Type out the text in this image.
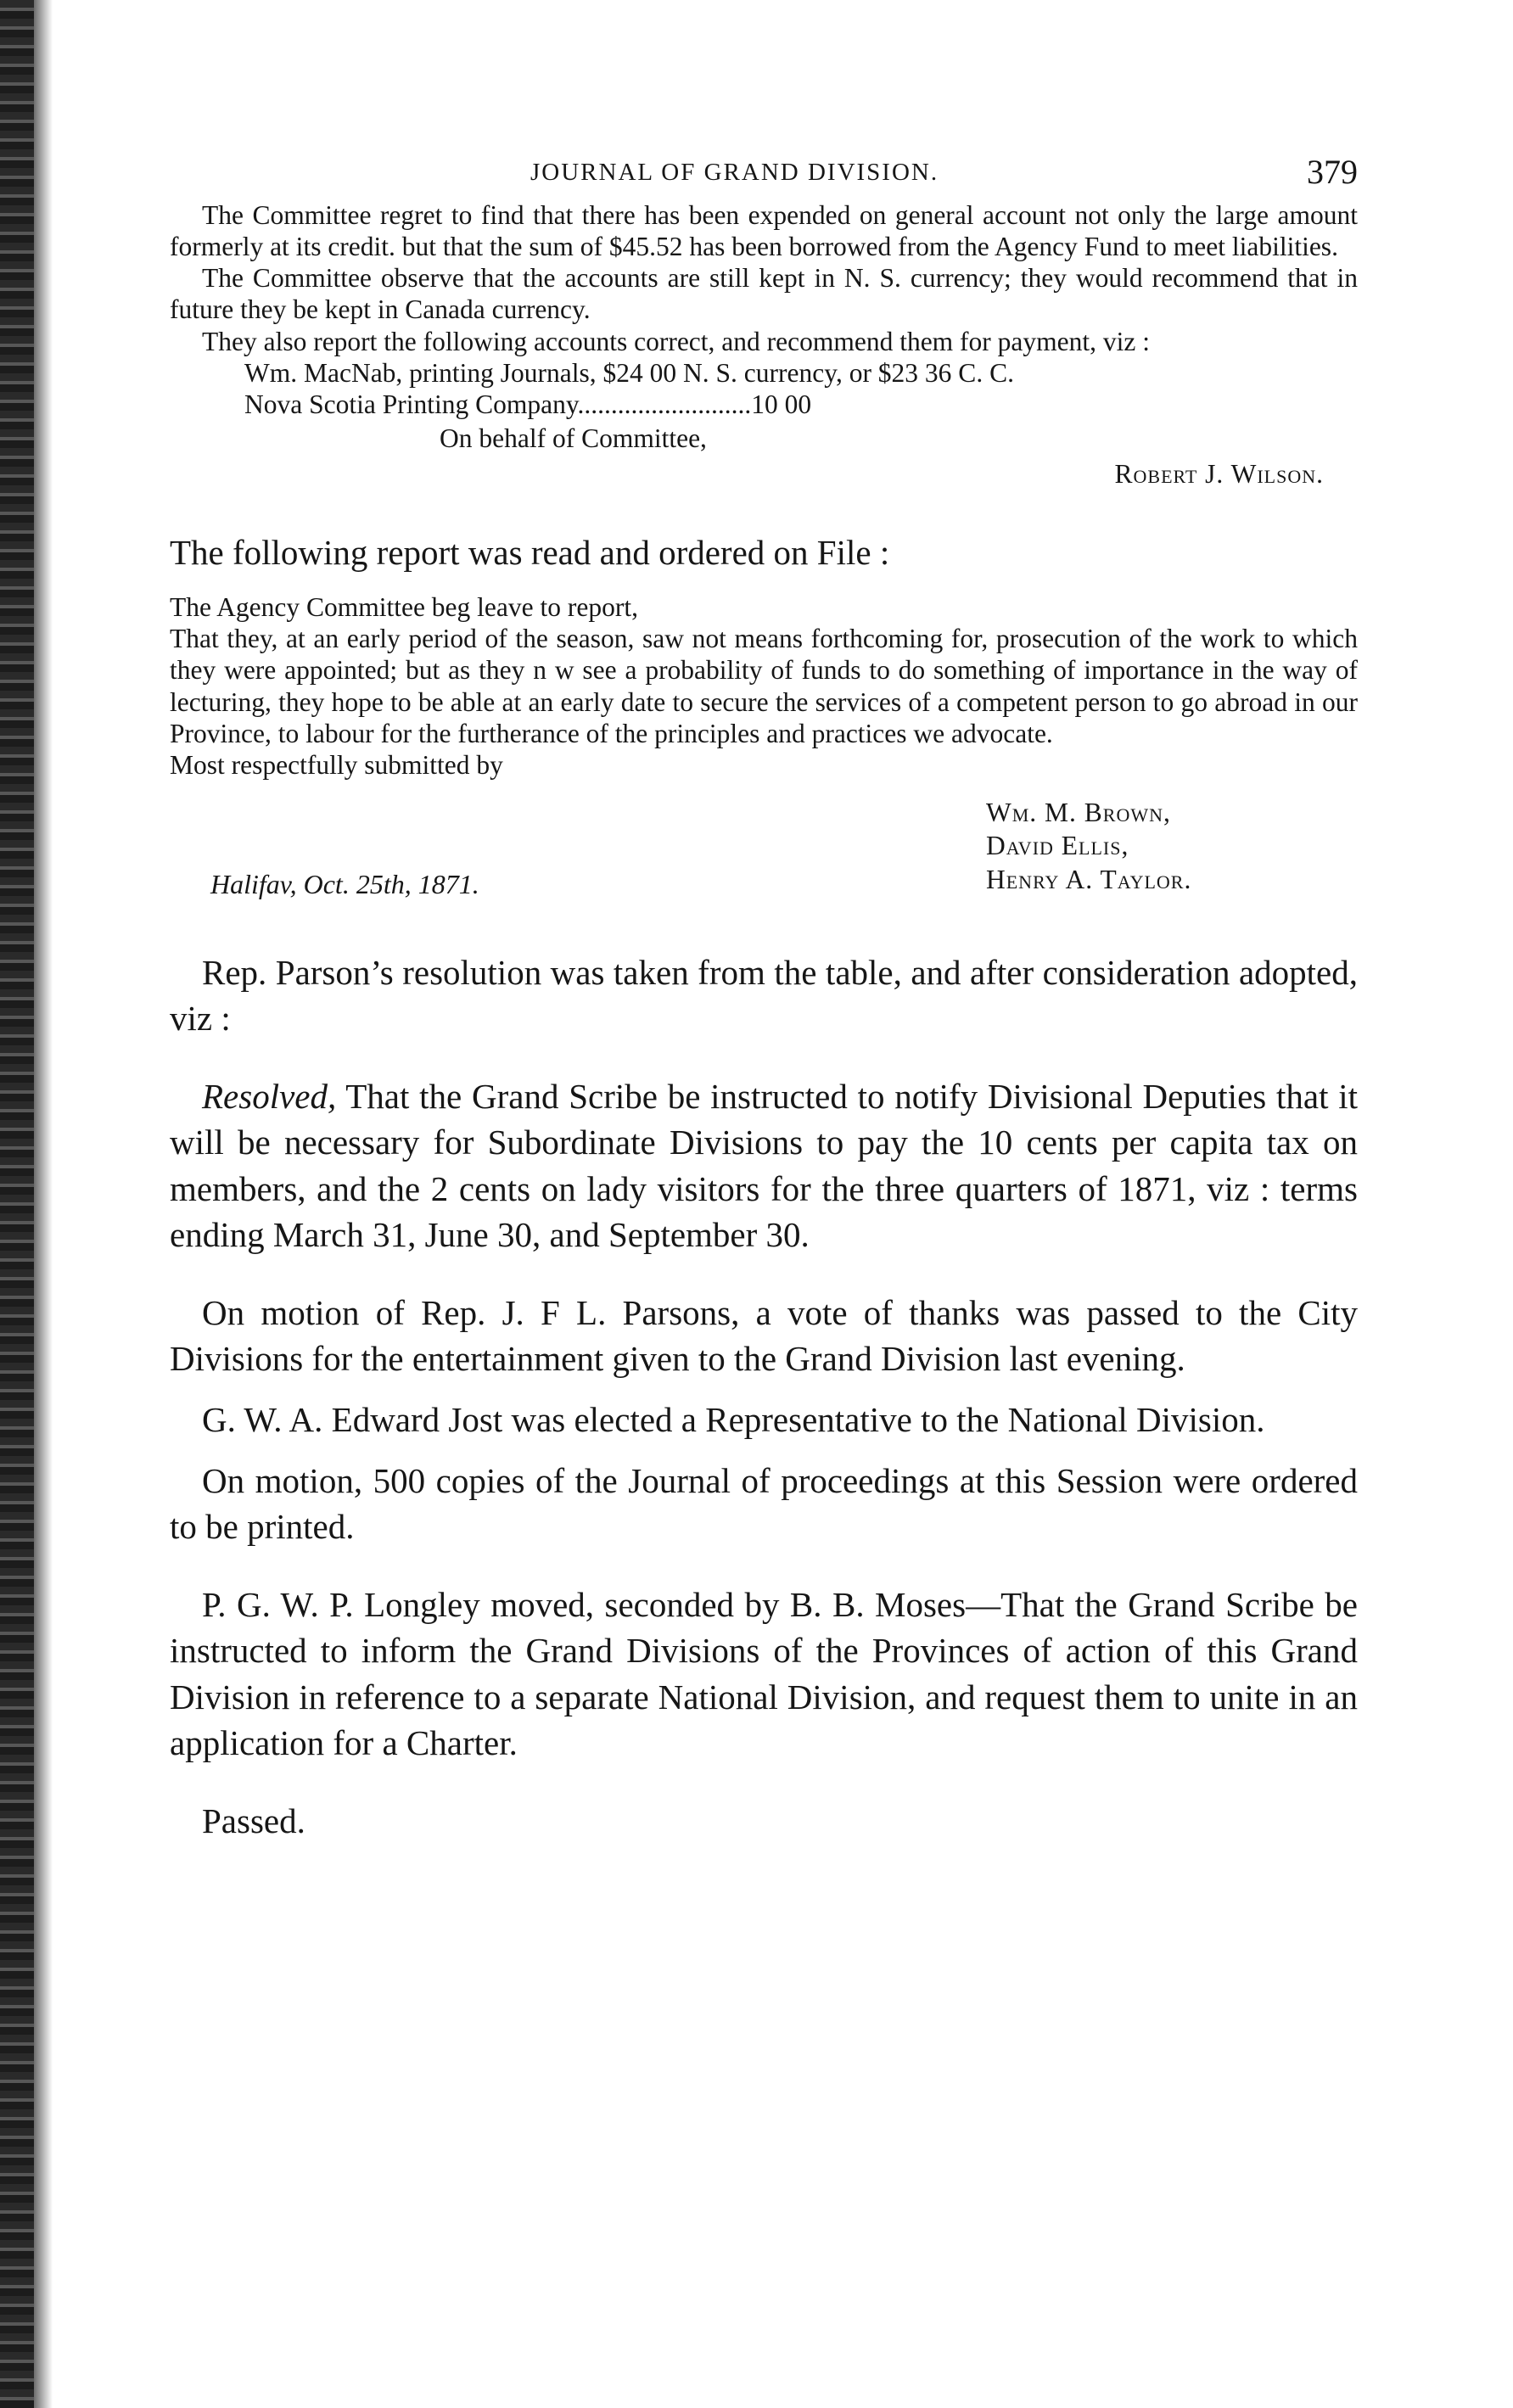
JOURNAL OF GRAND DIVISION.	379

The Committee regret to find that there has been expended on general account not only the large amount formerly at its credit. but that the sum of $45.52 has been borrowed from the Agency Fund to meet liabilities.

The Committee observe that the accounts are still kept in N. S. currency; they would recommend that in future they be kept in Canada currency.

They also report the following accounts correct, and recommend them for payment, viz :

Wm. MacNab, printing Journals, $24 00 N. S. currency, or $23 36 C. C.
Nova Scotia Printing Company..........................10 00
On behalf of Committee,
Robert J. Wilson.
The following report was read and ordered on File :

The Agency Committee beg leave to report,

That they, at an early period of the season, saw not means forthcoming for, prosecution of the work to which they were appointed; but as they n w see a probability of funds to do something of importance in the way of lecturing, they hope to be able at an early date to secure the services of a competent person to go abroad in our Province, to labour for the furtherance of the principles and practices we advocate.

Most respectfully submitted by

Wm. M. Brown,
David Ellis,
Henry A. Taylor.
Halifav, Oct. 25th, 1871.

Rep. Parson’s resolution was taken from the table, and after consideration adopted, viz :

Resolved, That the Grand Scribe be instructed to notify Divisional Deputies that it will be necessary for Subordinate Divisions to pay the 10 cents per capita tax on members, and the 2 cents on lady visitors for the three quarters of 1871, viz : terms ending March 31, June 30, and September 30.

On motion of Rep. J. F L. Parsons, a vote of thanks was passed to the City Divisions for the entertainment given to the Grand Division last evening.

G. W. A. Edward Jost was elected a Representative to the National Division.

On motion, 500 copies of the Journal of proceedings at this Session were ordered to be printed.

P. G. W. P. Longley moved, seconded by B. B. Moses—That the Grand Scribe be instructed to inform the Grand Divisions of the Provinces of action of this Grand Division in reference to a separate National Division, and request them to unite in an application for a Charter.

Passed.
